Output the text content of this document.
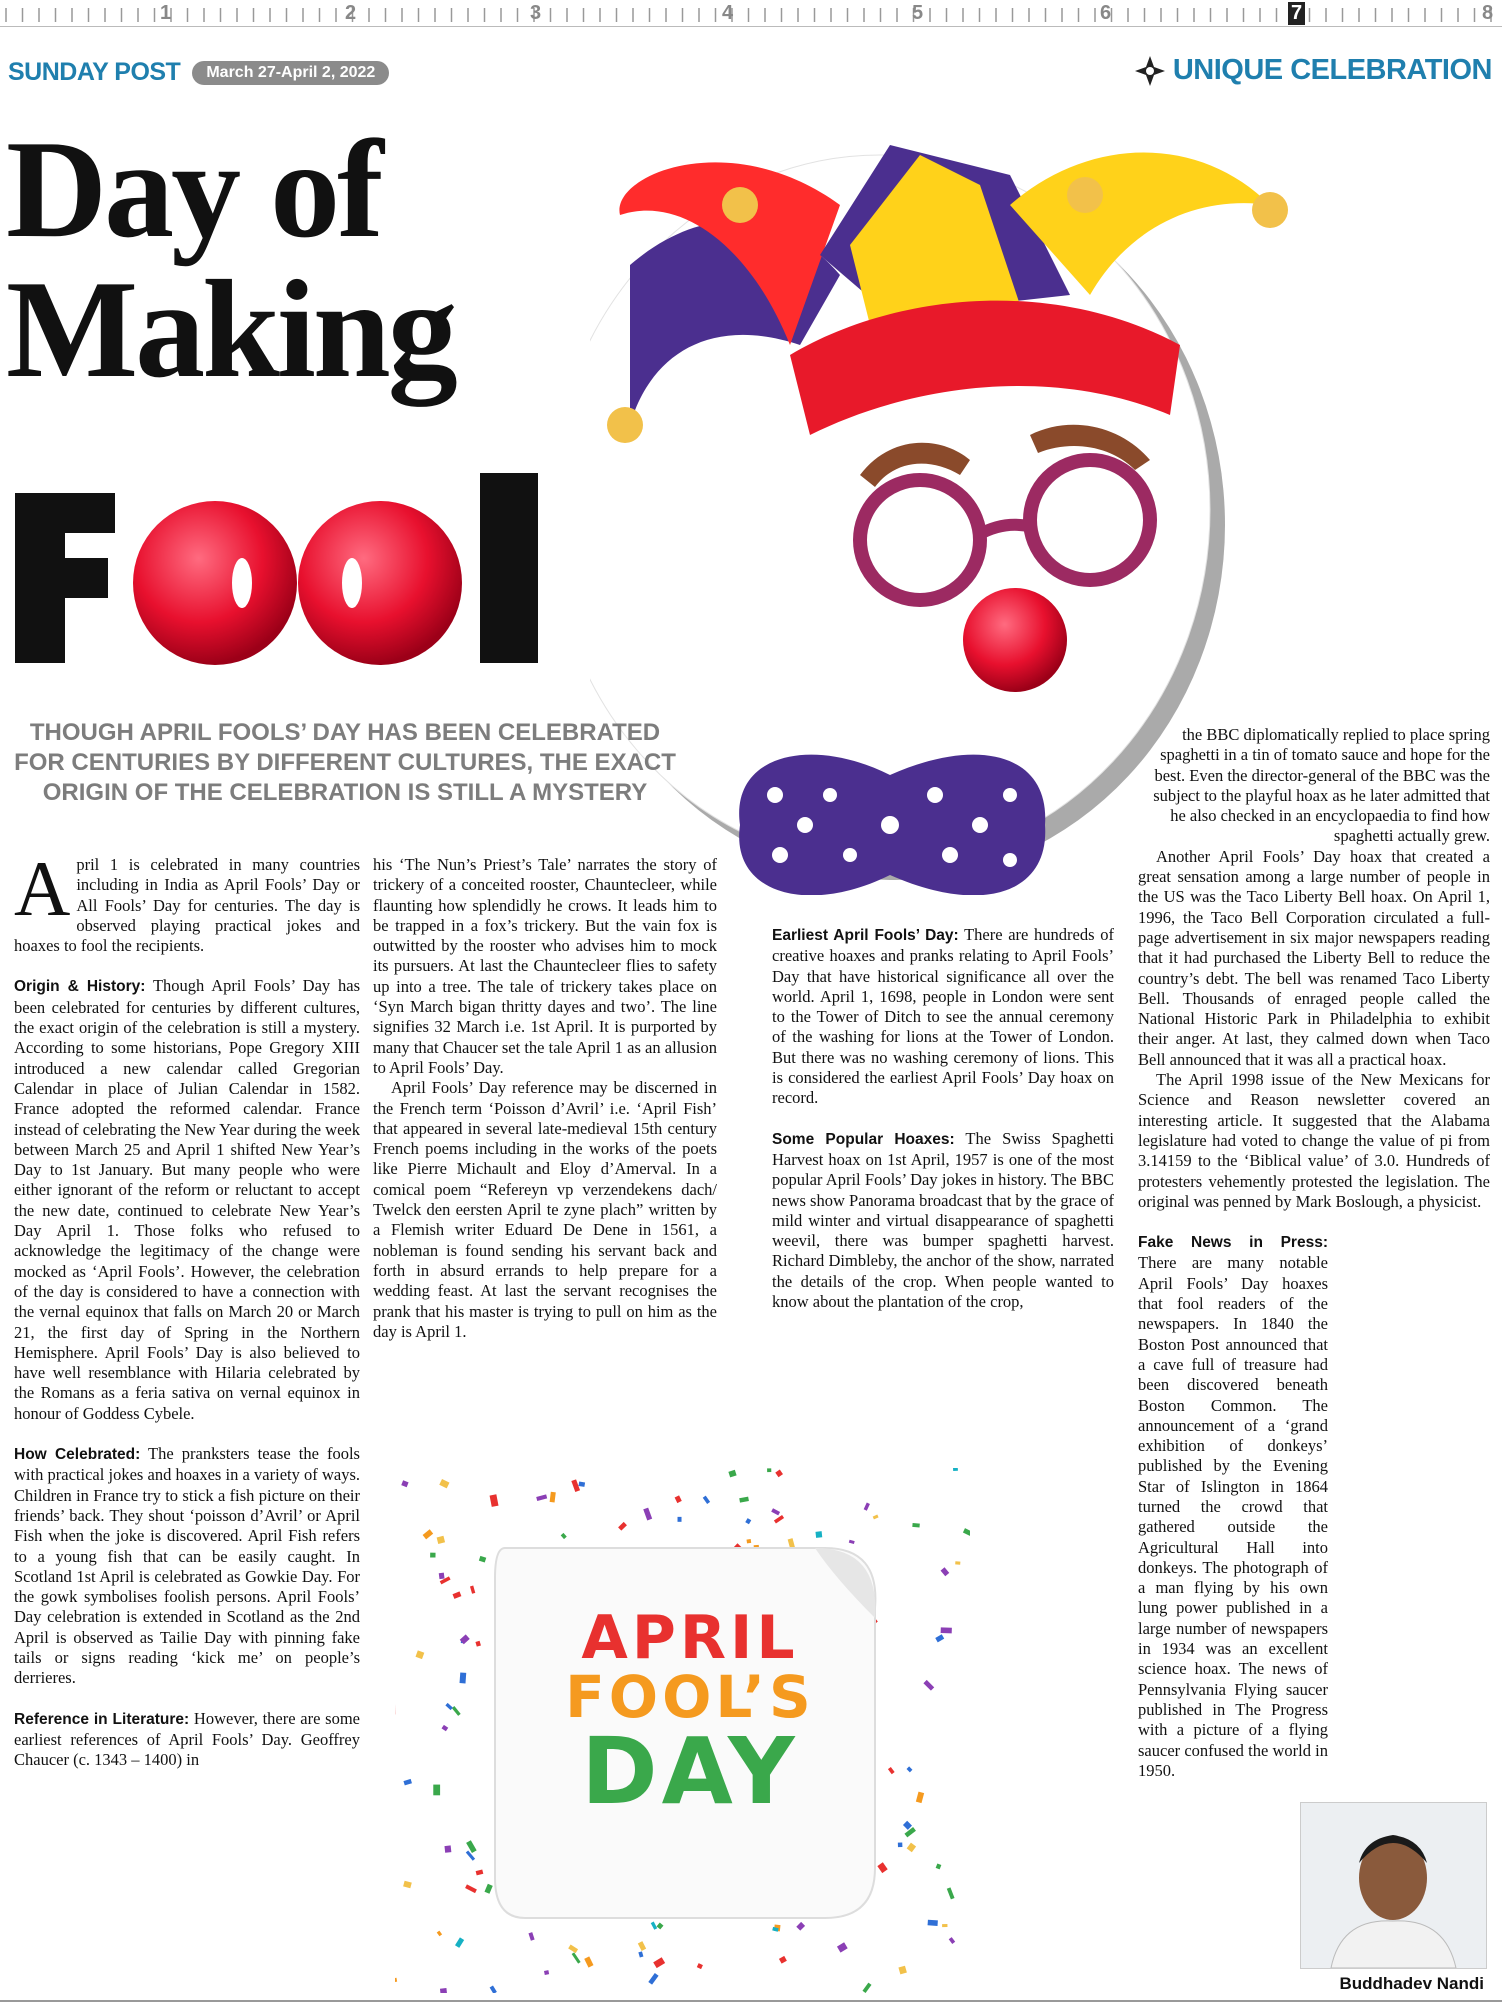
1	2	3	4	5	6	7	8
SUNDAY POST	March 27-April 2, 2022	UNIQUE CELEBRATION
Day of
Making
THOUGH APRIL FOOLS’ DAY HAS BEEN CELEBRATED FOR CENTURIES BY DIFFERENT CULTURES, THE EXACT ORIGIN OF THE CELEBRATION IS STILL A MYSTERY

April 1 is celebrated in many countries including in India as April Fools’ Day or All Fools’ Day for centuries. The day is observed playing practical jokes and hoaxes to fool the recipients.

Origin & History: Though April Fools’ Day has been celebrated for centuries by different cultures, the exact origin of the celebration is still a mystery. According to some historians, Pope Gregory XIII introduced a new calendar called Gregorian Calendar in place of Julian Calendar in 1582. France adopted the reformed calendar. France instead of celebrating the New Year during the week between March 25 and April 1 shifted New Year’s Day to 1st January. But many people who were either ignorant of the reform or reluctant to accept the new date, continued to celebrate New Year’s Day April 1. Those folks who refused to acknowledge the legitimacy of the change were mocked as ‘April Fools’. However, the celebration of the day is considered to have a connection with the vernal equinox that falls on March 20 or March 21, the first day of Spring in the Northern Hemisphere. April Fools’ Day is also believed to have well resemblance with Hilaria celebrated by the Romans as a feria sativa on vernal equinox in honour of Goddess Cybele.

How Celebrated: The pranksters tease the fools with practical jokes and hoaxes in a variety of ways. Children in France try to stick a fish picture on their friends’ back. They shout ‘poisson d’Avril’ or April Fish when the joke is discovered. April Fish refers to a young fish that can be easily caught. In Scotland 1st April is celebrated as Gowkie Day. For the gowk symbolises foolish persons. April Fools’ Day celebration is extended in Scotland as the 2nd April is observed as Tailie Day with pinning fake tails or signs reading ‘kick me’ on people’s derrieres.

Reference in Literature: However, there are some earliest references of April Fools’ Day. Geoffrey Chaucer (c. 1343 – 1400) in

his ‘The Nun’s Priest’s Tale’ narrates the story of trickery of a conceited rooster, Chauntecleer, while flaunting how splendidly he crows. It leads him to be trapped in a fox’s trickery. But the vain fox is outwitted by the rooster who advises him to mock its pursuers. At last the Chauntecleer flies to safety up into a tree. The tale of trickery takes place on ‘Syn March bigan thritty dayes and two’. The line signifies 32 March i.e. 1st April. It is purported by many that Chaucer set the tale April 1 as an allusion to April Fools’ Day.

April Fools’ Day reference may be discerned in the French term ‘Poisson d’Avril’ i.e. ‘April Fish’ that appeared in several late-medieval 15th century French poems including in the works of the poets like Pierre Michault and Eloy d’Amerval. In a comical poem “Refereyn vp verzendekens dach/ Twelck den eersten April te zyne plach” written by a Flemish writer Eduard De Dene in 1561, a nobleman is found sending his servant back and forth in absurd errands to help prepare for a wedding feast. At last the servant recognises the prank that his master is trying to pull on him as the day is April 1.

Earliest April Fools’ Day: There are hundreds of creative hoaxes and pranks relating to April Fools’ Day that have historical significance all over the world. April 1, 1698, people in London were sent to the Tower of Ditch to see the annual ceremony of the washing for lions at the Tower of London. But there was no washing ceremony of lions. This is considered the earliest April Fools’ Day hoax on record.

Some Popular Hoaxes: The Swiss Spaghetti Harvest hoax on 1st April, 1957 is one of the most popular April Fools’ Day jokes in history. The BBC news show Panorama broadcast that by the grace of mild winter and virtual disappearance of spaghetti weevil, there was bumper spaghetti harvest. Richard Dimbleby, the anchor of the show, narrated the details of the crop. When people wanted to know about the plantation of the crop,

the BBC diplomatically replied to place spring spaghetti in a tin of tomato sauce and hope for the best. Even the director-general of the BBC was the subject to the playful hoax as he later admitted that he also checked in an encyclopaedia to find how spaghetti actually grew.

Another April Fools’ Day hoax that created a great sensation among a large number of people in the US was the Taco Liberty Bell hoax. On April 1, 1996, the Taco Bell Corporation circulated a full-page advertisement in six major newspapers reading that it had purchased the Liberty Bell to reduce the country’s debt. The bell was renamed Taco Liberty Bell. Thousands of enraged people called the National Historic Park in Philadelphia to exhibit their anger. At last, they calmed down when Taco Bell announced that it was all a practical hoax.

The April 1998 issue of the New Mexicans for Science and Reason newsletter covered an interesting article. It suggested that the Alabama legislature had voted to change the value of pi from 3.14159 to the ‘Biblical value’ of 3.0. Hundreds of protesters vehemently protested the legislation. The original was penned by Mark Boslough, a physicist.

Fake News in Press: There are many notable April Fools’ Day hoaxes that fool readers of the newspapers. In 1840 the Boston Post announced that a cave full of treasure had been discovered beneath Boston Common. The announcement of a ‘grand exhibition of donkeys’ published by the Evening Star of Islington in 1864 turned the crowd that gathered outside the Agricultural Hall into donkeys. The photograph of a man flying by his own lung power published in a large number of newspapers in 1934 was an excellent science hoax. The news of Pennsylvania Flying saucer published in The Progress with a picture of a flying saucer confused the world in 1950.

APRIL
FOOL’S
DAY
Buddhadev Nandi
